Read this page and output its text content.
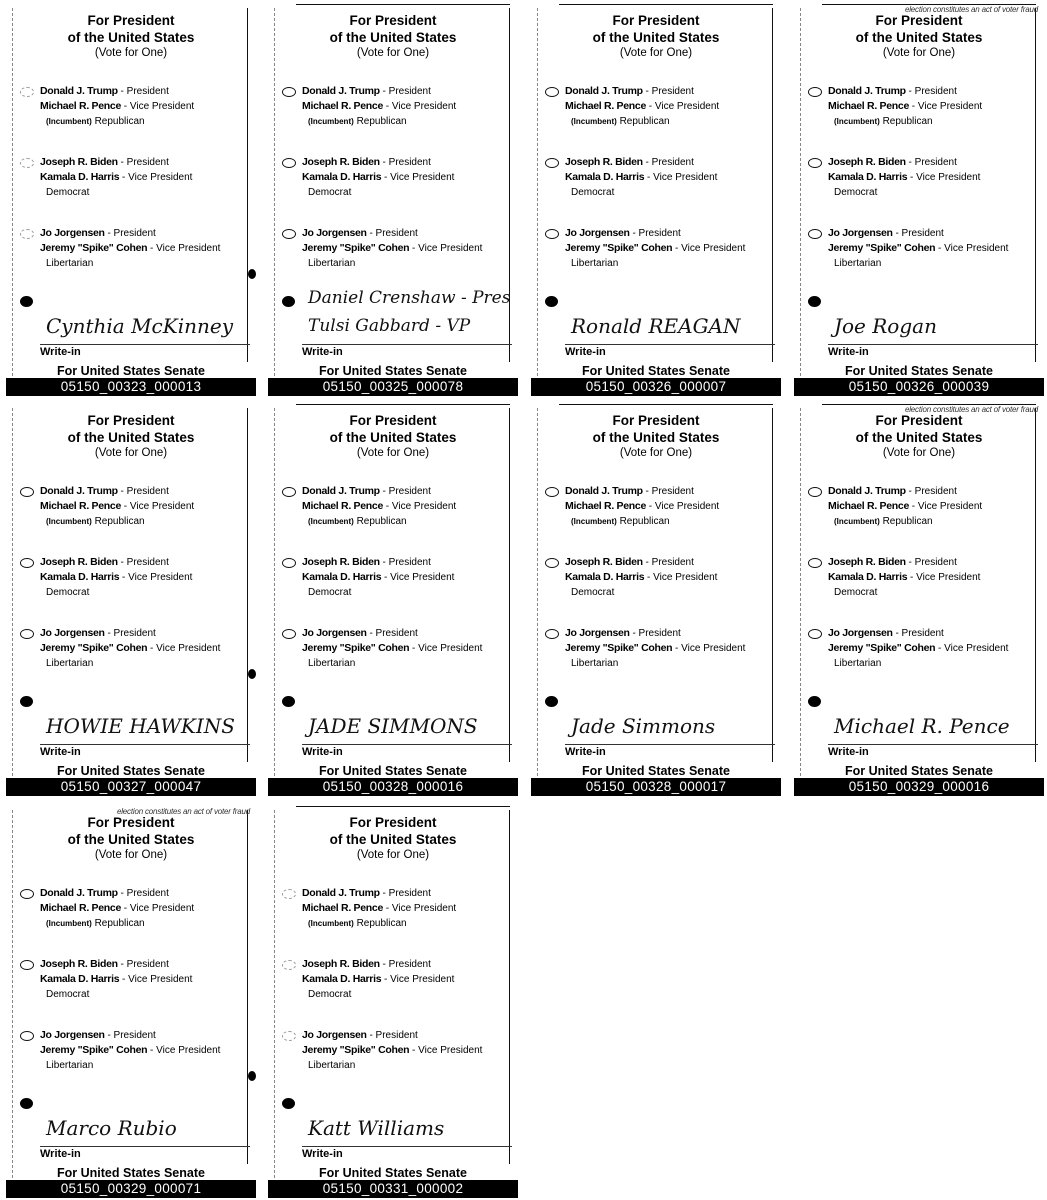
For President
of the United States
(Vote for One)
Donald J. Trump - President
Michael R. Pence - Vice President
(Incumbent) Republican
Joseph R. Biden - President
Kamala D. Harris - Vice President
Democrat
Jo Jorgensen - President
Jeremy "Spike" Cohen - Vice President
Libertarian
Cynthia McKinney
Write-in
For United States Senate
05150_00323_000013
For President
of the United States
(Vote for One)
Donald J. Trump - President
Michael R. Pence - Vice President
(Incumbent) Republican
Joseph R. Biden - President
Kamala D. Harris - Vice President
Democrat
Jo Jorgensen - President
Jeremy "Spike" Cohen - Vice President
Libertarian
Daniel Crenshaw - Pres
Tulsi Gabbard - VP
Write-in
For United States Senate
05150_00325_000078
For President
of the United States
(Vote for One)
Donald J. Trump - President
Michael R. Pence - Vice President
(Incumbent) Republican
Joseph R. Biden - President
Kamala D. Harris - Vice President
Democrat
Jo Jorgensen - President
Jeremy "Spike" Cohen - Vice President
Libertarian
Ronald REAGAN
Write-in
For United States Senate
05150_00326_000007
election constitutes an act of voter fraud
For President
of the United States
(Vote for One)
Donald J. Trump - President
Michael R. Pence - Vice President
(Incumbent) Republican
Joseph R. Biden - President
Kamala D. Harris - Vice President
Democrat
Jo Jorgensen - President
Jeremy "Spike" Cohen - Vice President
Libertarian
Joe Rogan
Write-in
For United States Senate
05150_00326_000039
For President
of the United States
(Vote for One)
Donald J. Trump - President
Michael R. Pence - Vice President
(Incumbent) Republican
Joseph R. Biden - President
Kamala D. Harris - Vice President
Democrat
Jo Jorgensen - President
Jeremy "Spike" Cohen - Vice President
Libertarian
HOWIE HAWKINS
Write-in
For United States Senate
05150_00327_000047
For President
of the United States
(Vote for One)
Donald J. Trump - President
Michael R. Pence - Vice President
(Incumbent) Republican
Joseph R. Biden - President
Kamala D. Harris - Vice President
Democrat
Jo Jorgensen - President
Jeremy "Spike" Cohen - Vice President
Libertarian
JADE SIMMONS
Write-in
For United States Senate
05150_00328_000016
For President
of the United States
(Vote for One)
Donald J. Trump - President
Michael R. Pence - Vice President
(Incumbent) Republican
Joseph R. Biden - President
Kamala D. Harris - Vice President
Democrat
Jo Jorgensen - President
Jeremy "Spike" Cohen - Vice President
Libertarian
Jade Simmons
Write-in
For United States Senate
05150_00328_000017
election constitutes an act of voter fraud
For President
of the United States
(Vote for One)
Donald J. Trump - President
Michael R. Pence - Vice President
(Incumbent) Republican
Joseph R. Biden - President
Kamala D. Harris - Vice President
Democrat
Jo Jorgensen - President
Jeremy "Spike" Cohen - Vice President
Libertarian
Michael R. Pence
Write-in
For United States Senate
05150_00329_000016
election constitutes an act of voter fraud
For President
of the United States
(Vote for One)
Donald J. Trump - President
Michael R. Pence - Vice President
(Incumbent) Republican
Joseph R. Biden - President
Kamala D. Harris - Vice President
Democrat
Jo Jorgensen - President
Jeremy "Spike" Cohen - Vice President
Libertarian
Marco Rubio
Write-in
For United States Senate
05150_00329_000071
For President
of the United States
(Vote for One)
Donald J. Trump - President
Michael R. Pence - Vice President
(Incumbent) Republican
Joseph R. Biden - President
Kamala D. Harris - Vice President
Democrat
Jo Jorgensen - President
Jeremy "Spike" Cohen - Vice President
Libertarian
Katt Williams
Write-in
For United States Senate
05150_00331_000002
